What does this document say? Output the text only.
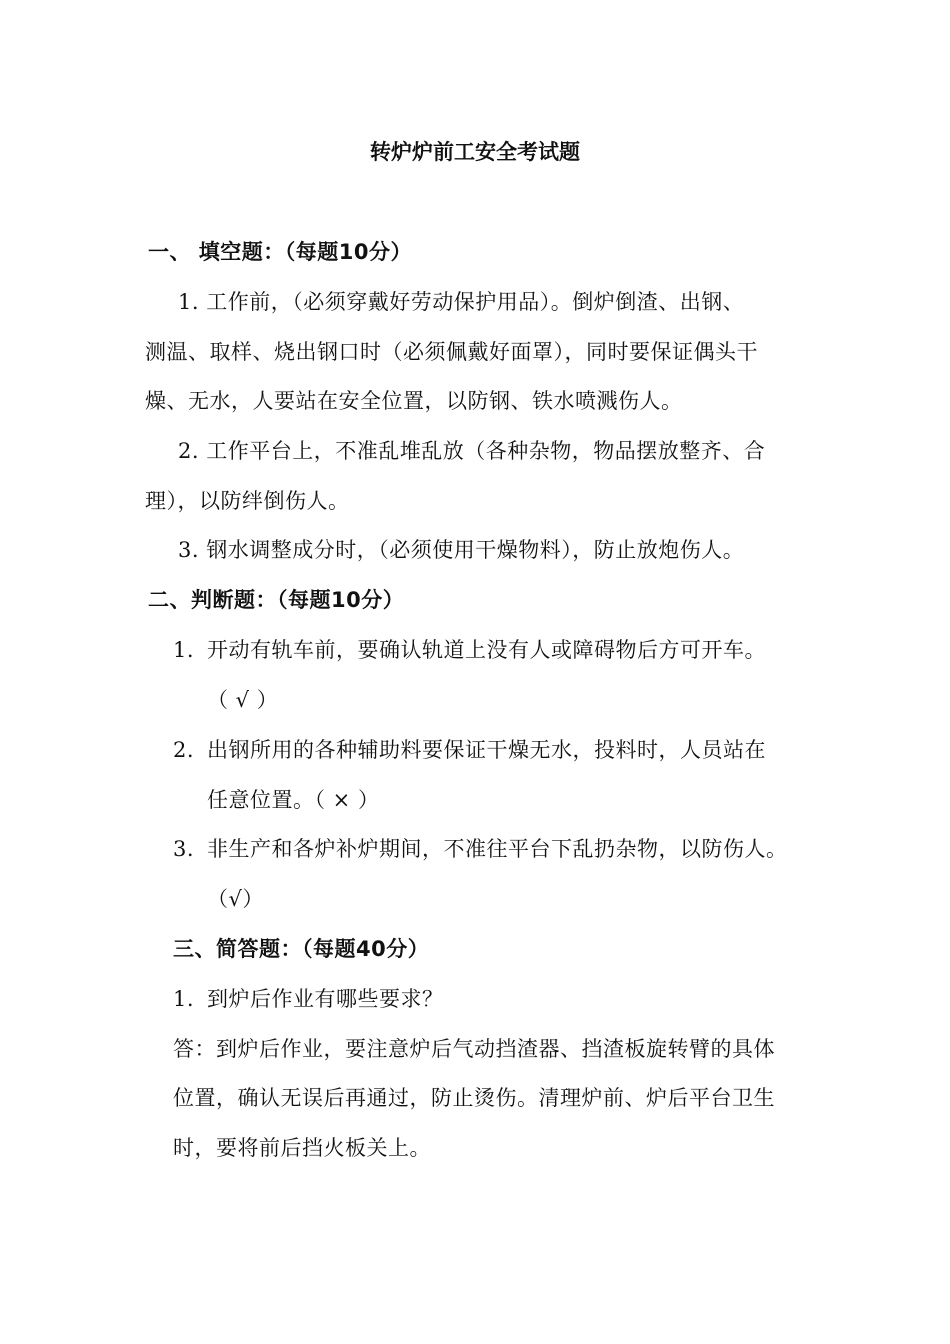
转炉炉前工安全考试题
一、 填空题：（每题10分）
1. 工作前，（必须穿戴好劳动保护用品）。倒炉倒渣、出钢、
测温、取样、烧出钢口时（必须佩戴好面罩），同时要保证偶头干
燥、无水，人要站在安全位置，以防钢、铁水喷溅伤人。
2. 工作平台上，不准乱堆乱放（各种杂物，物品摆放整齐、合
理），以防绊倒伤人。
3. 钢水调整成分时，（必须使用干燥物料），防止放炮伤人。
二、判断题：（每题10分）
1. 开动有轨车前，要确认轨道上没有人或障碍物后方可开车。
（ √ ）
2. 出钢所用的各种辅助料要保证干燥无水，投料时，人员站在
任意位置。（ × ）
3. 非生产和各炉补炉期间，不准往平台下乱扔杂物，以防伤人。
（√）
三、简答题：（每题40分）
1. 到炉后作业有哪些要求？
答：到炉后作业，要注意炉后气动挡渣器、挡渣板旋转臂的具体
位置，确认无误后再通过，防止烫伤。清理炉前、炉后平台卫生
时，要将前后挡火板关上。
